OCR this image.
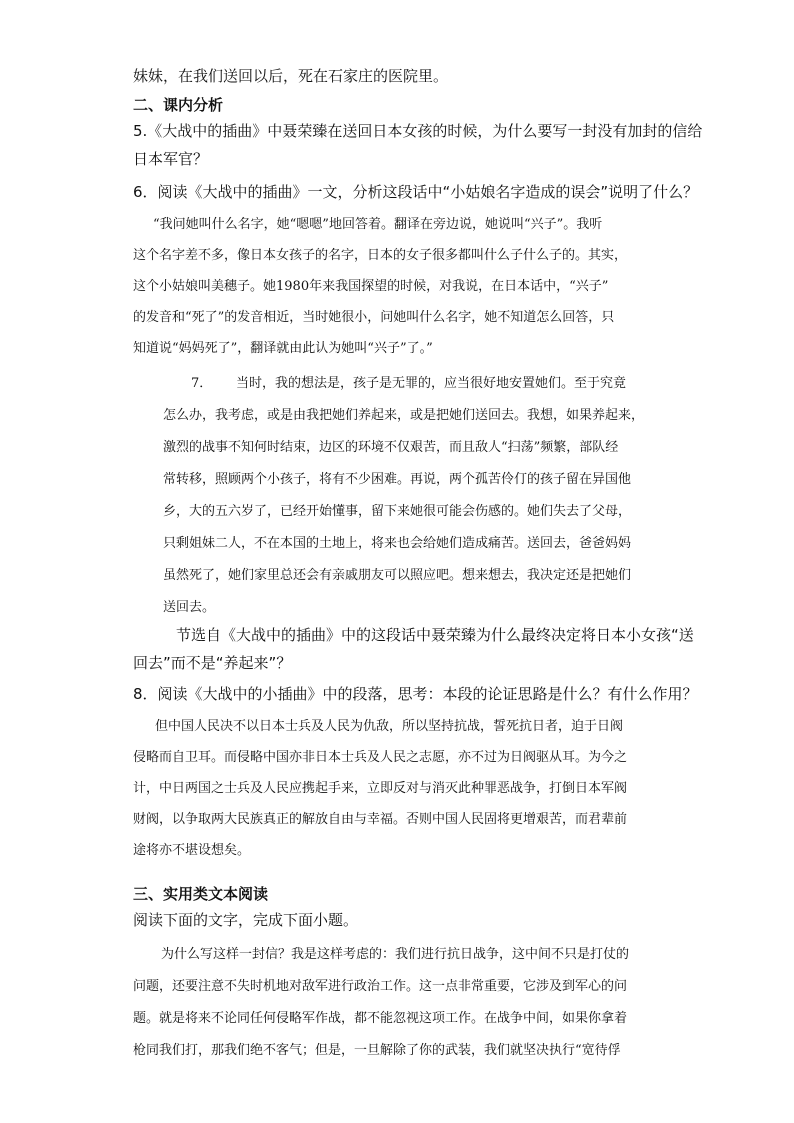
妹妹，在我们送回以后，死在石家庄的医院里。
二、课内分析
5.《大战中的插曲》中聂荣臻在送回日本女孩的时候，为什么要写一封没有加封的信给
日本军官？
6．阅读《大战中的插曲》一文，分析这段话中“小姑娘名字造成的误会”说明了什么？
“我问她叫什么名字，她“嗯嗯”地回答着。翻译在旁边说，她说叫“兴子”。我听
这个名字差不多，像日本女孩子的名字，日本的女子很多都叫什么子什么子的。其实，
这个小姑娘叫美穗子。她1980年来我国探望的时候，对我说，在日本话中，“兴子”
的发音和“死了”的发音相近，当时她很小，问她叫什么名字，她不知道怎么回答，只
知道说“妈妈死了”，翻译就由此认为她叫“兴子”了。”
7． 当时，我的想法是，孩子是无罪的，应当很好地安置她们。至于究竟
怎么办，我考虑，或是由我把她们养起来，或是把她们送回去。我想，如果养起来，
激烈的战事不知何时结束，边区的环境不仅艰苦，而且敌人“扫荡”频繁，部队经
常转移，照顾两个小孩子，将有不少困难。再说，两个孤苦伶仃的孩子留在异国他
乡，大的五六岁了，已经开始懂事，留下来她很可能会伤感的。她们失去了父母，
只剩姐妹二人，不在本国的土地上，将来也会给她们造成痛苦。送回去，爸爸妈妈
虽然死了，她们家里总还会有亲戚朋友可以照应吧。想来想去，我决定还是把她们
送回去。
节选自《大战中的插曲》中的这段话中聂荣臻为什么最终决定将日本小女孩“送
回去”而不是“养起来”？
8．阅读《大战中的小插曲》中的段落，思考：本段的论证思路是什么？有什么作用？
但中国人民决不以日本士兵及人民为仇敌，所以坚持抗战，誓死抗日者，迫于日阀
侵略而自卫耳。而侵略中国亦非日本士兵及人民之志愿，亦不过为日阀驱从耳。为今之
计，中日两国之士兵及人民应携起手来，立即反对与消灭此种罪恶战争，打倒日本军阀
财阀，以争取两大民族真正的解放自由与幸福。否则中国人民固将更增艰苦，而君辈前
途将亦不堪设想矣。
三、实用类文本阅读
阅读下面的文字，完成下面小题。
为什么写这样一封信？我是这样考虑的：我们进行抗日战争，这中间不只是打仗的
问题，还要注意不失时机地对敌军进行政治工作。这一点非常重要，它涉及到军心的问
题。就是将来不论同任何侵略军作战，都不能忽视这项工作。在战争中间，如果你拿着
枪同我们打，那我们绝不客气；但是，一旦解除了你的武装，我们就坚决执行“宽待俘
